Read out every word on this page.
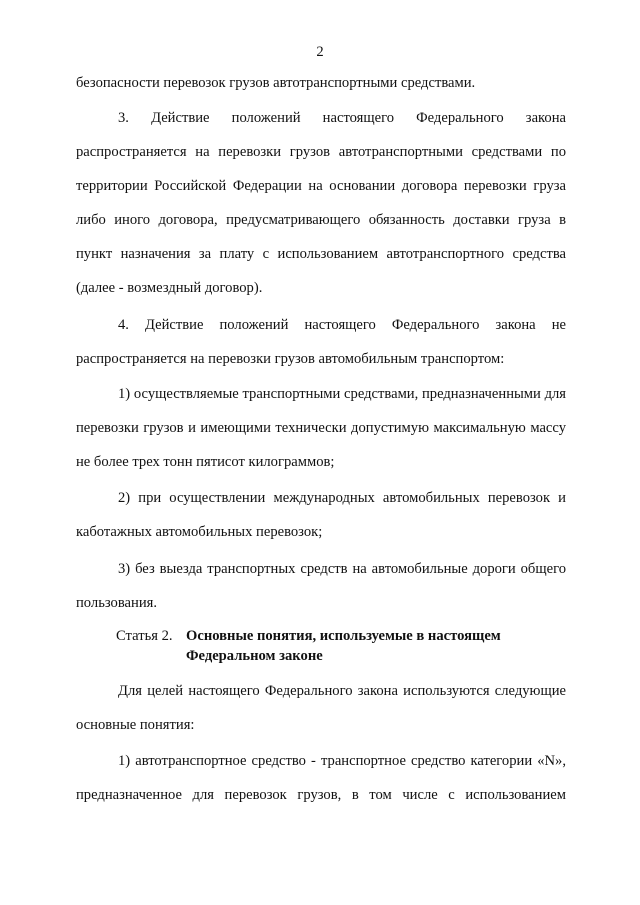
2
безопасности перевозок грузов автотранспортными средствами.
3. Действие положений настоящего Федерального закона распространяется на перевозки грузов автотранспортными средствами по территории Российской Федерации на основании договора перевозки груза либо иного договора, предусматривающего обязанность доставки груза в пункт назначения за плату с использованием автотранспортного средства (далее - возмездный договор).
4. Действие положений настоящего Федерального закона не распространяется на перевозки грузов автомобильным транспортом:
1) осуществляемые транспортными средствами, предназначенными для перевозки грузов и имеющими технически допустимую максимальную массу не более трех тонн пятисот килограммов;
2) при осуществлении международных автомобильных перевозок и каботажных автомобильных перевозок;
3) без выезда транспортных средств на автомобильные дороги общего пользования.
Статья 2. Основные понятия, используемые в настоящем Федеральном законе
Для целей настоящего Федерального закона используются следующие основные понятия:
1) автотранспортное средство - транспортное средство категории «N», предназначенное для перевозок грузов, в том числе с использованием
